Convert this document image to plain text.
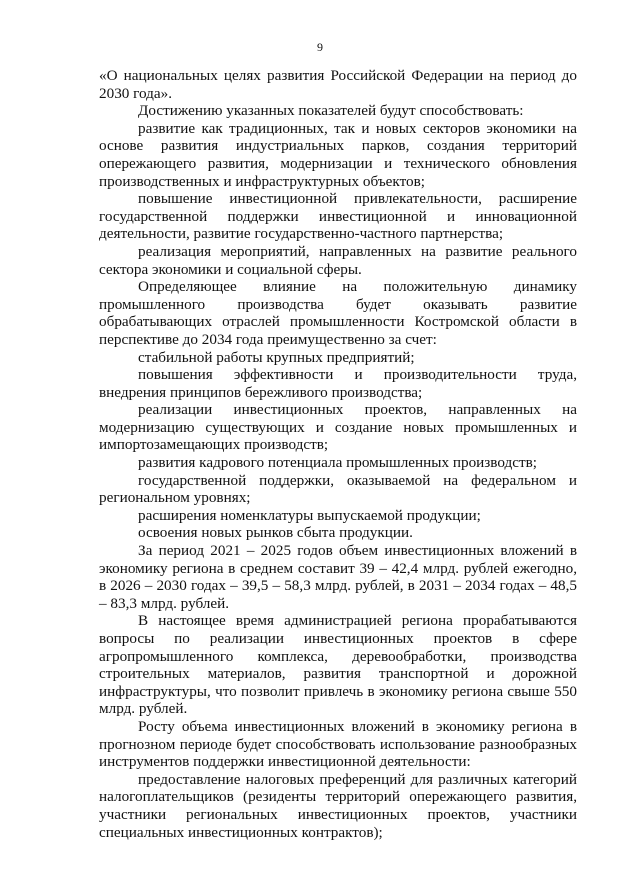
9

«О национальных целях развития Российской Федерации на период до 2030 года».

Достижению указанных показателей будут способствовать:

развитие как традиционных, так и новых секторов экономики на основе развития индустриальных парков, создания территорий опережающего развития, модернизации и технического обновления производственных и инфраструктурных объектов;

повышение инвестиционной привлекательности, расширение государственной поддержки инвестиционной и инновационной деятельности, развитие государственно-частного партнерства;

реализация мероприятий, направленных на развитие реального сектора экономики и социальной сферы.

Определяющее влияние на положительную динамику промышленного производства будет оказывать развитие обрабатывающих отраслей промышленности Костромской области в перспективе до 2034 года преимущественно за счет:

стабильной работы крупных предприятий;

повышения эффективности и производительности труда, внедрения принципов бережливого производства;

реализации инвестиционных проектов, направленных на модернизацию существующих и создание новых промышленных и импортозамещающих производств;

развития кадрового потенциала промышленных производств;

государственной поддержки, оказываемой на федеральном и региональном уровнях;

расширения номенклатуры выпускаемой продукции;

освоения новых рынков сбыта продукции.

За период 2021 – 2025 годов объем инвестиционных вложений в экономику региона в среднем составит 39 – 42,4 млрд. рублей ежегодно, в 2026 – 2030 годах – 39,5 – 58,3 млрд. рублей, в 2031 – 2034 годах – 48,5 – 83,3 млрд. рублей.

В настоящее время администрацией региона прорабатываются вопросы по реализации инвестиционных проектов в сфере агропромышленного комплекса, деревообработки, производства строительных материалов, развития транспортной и дорожной инфраструктуры, что позволит привлечь в экономику региона свыше 550 млрд. рублей.

Росту объема инвестиционных вложений в экономику региона в прогнозном периоде будет способствовать использование разнообразных инструментов поддержки инвестиционной деятельности:

предоставление налоговых преференций для различных категорий налогоплательщиков (резиденты территорий опережающего развития, участники региональных инвестиционных проектов, участники специальных инвестиционных контрактов);
